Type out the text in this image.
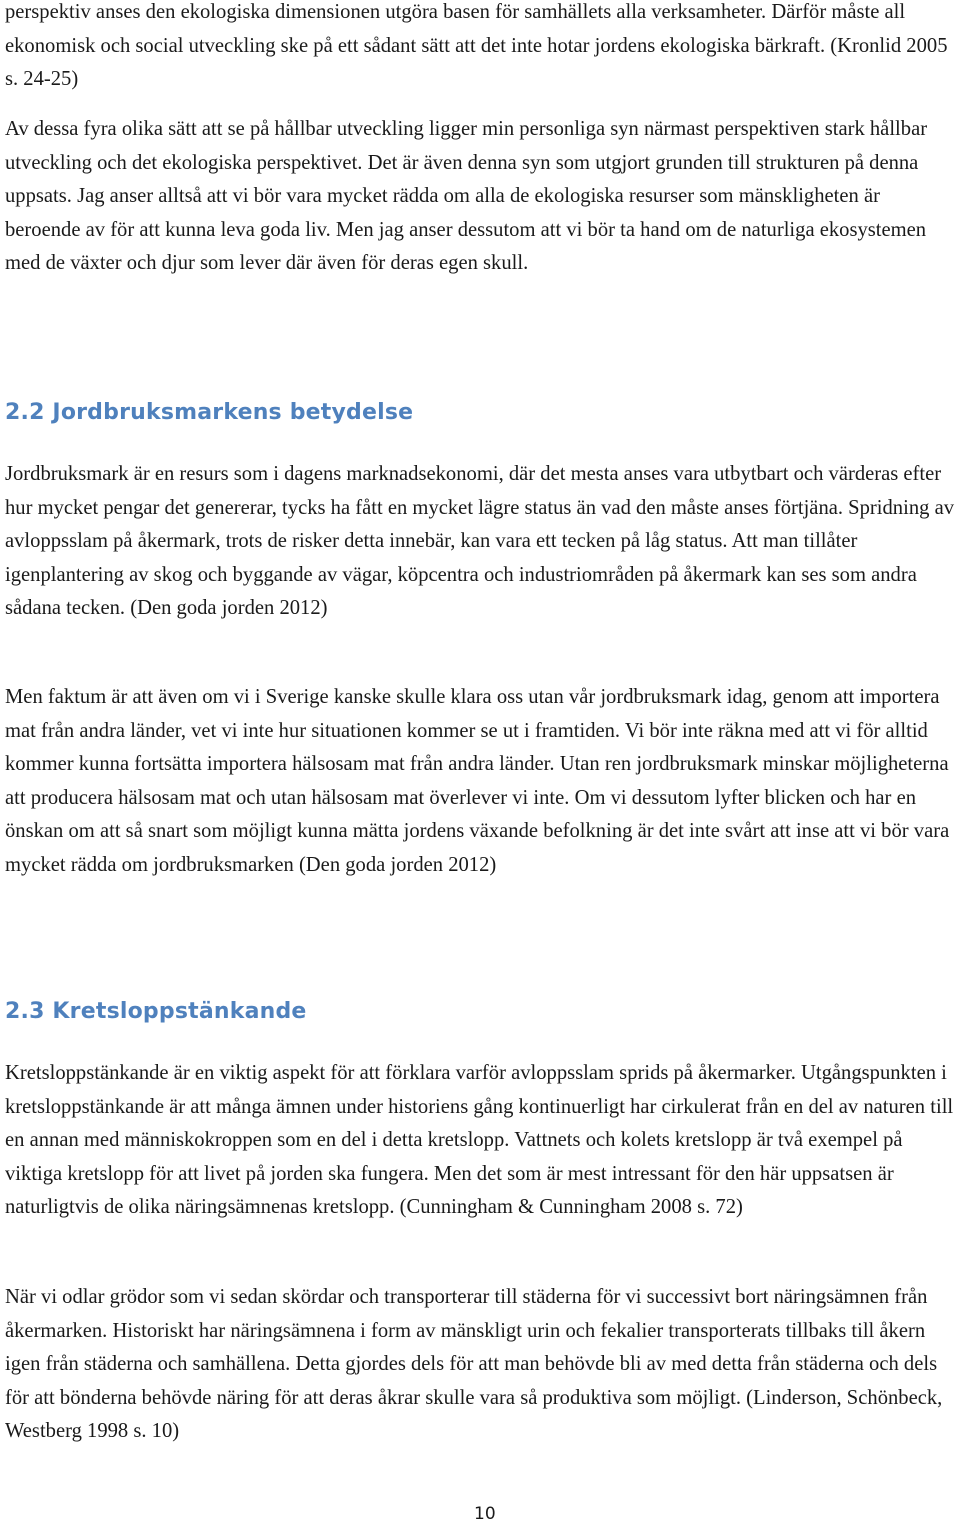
perspektiv anses den ekologiska dimensionen utgöra basen för samhällets alla verksamheter. Därför måste all ekonomisk och social utveckling ske på ett sådant sätt att det inte hotar jordens ekologiska bärkraft. (Kronlid 2005 s. 24-25)

Av dessa fyra olika sätt att se på hållbar utveckling ligger min personliga syn närmast perspektiven stark hållbar utveckling och det ekologiska perspektivet. Det är även denna syn som utgjort grunden till strukturen på denna uppsats. Jag anser alltså att vi bör vara mycket rädda om alla de ekologiska resurser som mänskligheten är beroende av för att kunna leva goda liv. Men jag anser dessutom att vi bör ta hand om de naturliga ekosystemen med de växter och djur som lever där även för deras egen skull.

2.2 Jordbruksmarkens betydelse

Jordbruksmark är en resurs som i dagens marknadsekonomi, där det mesta anses vara utbytbart och värderas efter hur mycket pengar det genererar, tycks ha fått en mycket lägre status än vad den måste anses förtjäna. Spridning av avloppsslam på åkermark, trots de risker detta innebär, kan vara ett tecken på låg status. Att man tillåter igenplantering av skog och byggande av vägar, köpcentra och industriområden på åkermark kan ses som andra sådana tecken. (Den goda jorden 2012)

Men faktum är att även om vi i Sverige kanske skulle klara oss utan vår jordbruksmark idag, genom att importera mat från andra länder, vet vi inte hur situationen kommer se ut i framtiden. Vi bör inte räkna med att vi för alltid kommer kunna fortsätta importera hälsosam mat från andra länder. Utan ren jordbruksmark minskar möjligheterna att producera hälsosam mat och utan hälsosam mat överlever vi inte. Om vi dessutom lyfter blicken och har en önskan om att så snart som möjligt kunna mätta jordens växande befolkning är det inte svårt att inse att vi bör vara mycket rädda om jordbruksmarken (Den goda jorden 2012)

2.3 Kretsloppstänkande

Kretsloppstänkande är en viktig aspekt för att förklara varför avloppsslam sprids på åkermarker. Utgångspunkten i kretsloppstänkande är att många ämnen under historiens gång kontinuerligt har cirkulerat från en del av naturen till en annan med människokroppen som en del i detta kretslopp. Vattnets och kolets kretslopp är två exempel på viktiga kretslopp för att livet på jorden ska fungera. Men det som är mest intressant för den här uppsatsen är naturligtvis de olika näringsämnenas kretslopp. (Cunningham & Cunningham 2008 s. 72)

När vi odlar grödor som vi sedan skördar och transporterar till städerna för vi successivt bort näringsämnen från åkermarken. Historiskt har näringsämnena i form av mänskligt urin och fekalier transporterats tillbaks till åkern igen från städerna och samhällena. Detta gjordes dels för att man behövde bli av med detta från städerna och dels för att bönderna behövde näring för att deras åkrar skulle vara så produktiva som möjligt. (Linderson, Schönbeck, Westberg 1998 s. 10)

10
